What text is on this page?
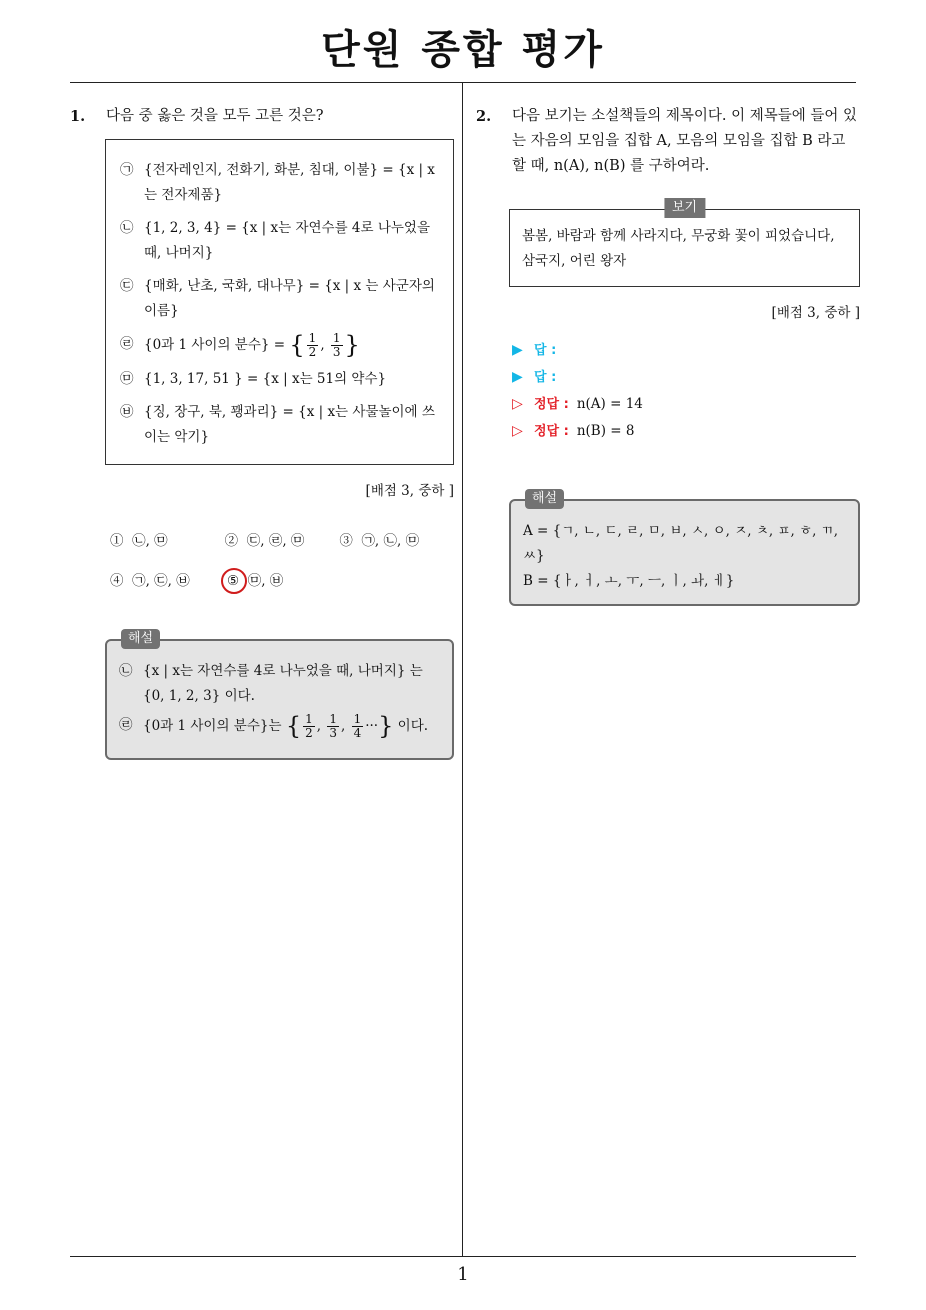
단원 종합 평가
1.	다음 중 옳은 것을 모두 고른 것은?
㉠ {전자레인지, 전화기, 화분, 침대, 이불} = {x | x는 전자제품}
㉡ {1, 2, 3, 4} = {x | x는 자연수를 4로 나누었을 때, 나머지}
㉢ {매화, 난초, 국화, 대나무} = {x | x 는 사군자의 이름}
㉣ {0과 1 사이의 분수} = { $\frac{1}{2}$ , $\frac{1}{3}$ }
㉤ {1, 3, 17, 51 } = {x | x는 51의 약수}
㉥ {징, 장구, 북, 꽹과리} = {x | x는 사물놀이에 쓰이는 악기}
[배점 3, 중하 ]
① ㉡, ㉤	② ㉢, ㉣, ㉤	③ ㉠, ㉡, ㉤
④ ㉠, ㉢, ㉥	⑤ ㉤, ㉥
해설
㉡ {x | x는 자연수를 4로 나누었을 때, 나머지} 는 {0, 1, 2, 3} 이다.
㉣ {0과 1 사이의 분수}는 { $\frac{1}{2}$ , $\frac{1}{3}$ , $\frac{1}{4}$ ···} 이다.
2.	다음 보기는 소설책들의 제목이다. 이 제목들에 들어 있는 자음의 모임을 집합 A, 모음의 모임을 집합 B 라고 할 때, n(A), n(B) 를 구하여라.
보기
봄봄, 바람과 함께 사라지다, 무궁화 꽃이 피었습니다, 삼국지, 어린 왕자
[배점 3, 중하 ]
▶ 답 :
▶ 답 :
▷ 정답 : n(A) = 14
▷ 정답 : n(B) = 8
해설
A = {ㄱ, ㄴ, ㄷ, ㄹ, ㅁ, ㅂ, ㅅ, ㅇ, ㅈ, ㅊ, ㅍ, ㅎ, ㄲ, ㅆ}
B = {ㅏ, ㅓ, ㅗ, ㅜ, ㅡ, ㅣ, ㅘ, ㅔ}
1
